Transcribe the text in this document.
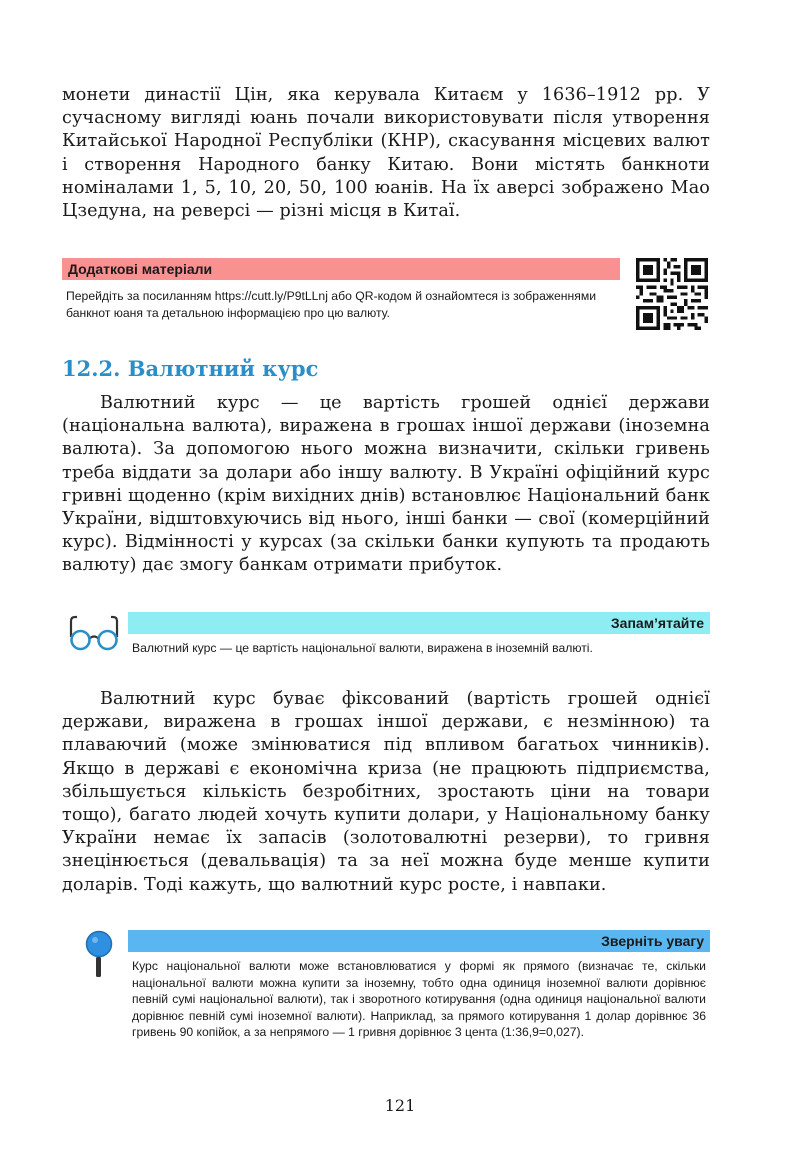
монети династії Цін, яка керувала Китаєм у 1636–1912 рр. У сучасному вигляді юань почали використовувати після утворення Китайської Народної Республіки (КНР), скасування місцевих валют і створення Народного банку Китаю. Вони містять банкноти номіналами 1, 5, 10, 20, 50, 100 юанів. На їх аверсі зображено Мао Цзедуна, на реверсі — різні місця в Китаї.

Додаткові матеріали
Перейдіть за посиланням https://cutt.ly/P9tLLnj або QR-кодом й ознайомтеся із зображеннями банкнот юаня та детальною інформацією про цю валюту.
12.2. Валютний курс

Валютний курс — це вартість грошей однієї держави (національна валюта), виражена в грошах іншої держави (іноземна валюта). За допомогою нього можна визначити, скільки гривень треба віддати за долари або іншу валюту. В Україні офіційний курс гривні щоденно (крім вихідних днів) встановлює Національний банк України, відштовхуючись від нього, інші банки — свої (комерційний курс). Відмінності у курсах (за скільки банки купують та продають валюту) дає змогу банкам отримати прибуток.

Запам’ятайте
Валютний курс — це вартість національної валюти, виражена в іноземній валюті.

Валютний курс буває фіксований (вартість грошей однієї держави, виражена в грошах іншої держави, є незмінною) та плаваючий (може змінюватися під впливом багатьох чинників). Якщо в державі є економічна криза (не працюють підприємства, збільшується кількість безробітних, зростають ціни на товари тощо), багато людей хочуть купити долари, у Національному банку України немає їх запасів (золотовалютні резерви), то гривня знецінюється (девальвація) та за неї можна буде менше купити доларів. Тоді кажуть, що валютний курс росте, і навпаки.

Зверніть увагу
Курс національної валюти може встановлюватися у формі як прямого (визначає те, скільки національної валюти можна купити за іноземну, тобто одна одиниця іноземної валюти дорівнює певній сумі національної валюти), так і зворотного котирування (одна одиниця національної валюти дорівнює певній сумі іноземної валюти). Наприклад, за прямого котирування 1 долар дорівнює 36 гривень 90 копійок, а за непрямого — 1 гривня дорівнює 3 цента (1:36,9=0,027).
121
